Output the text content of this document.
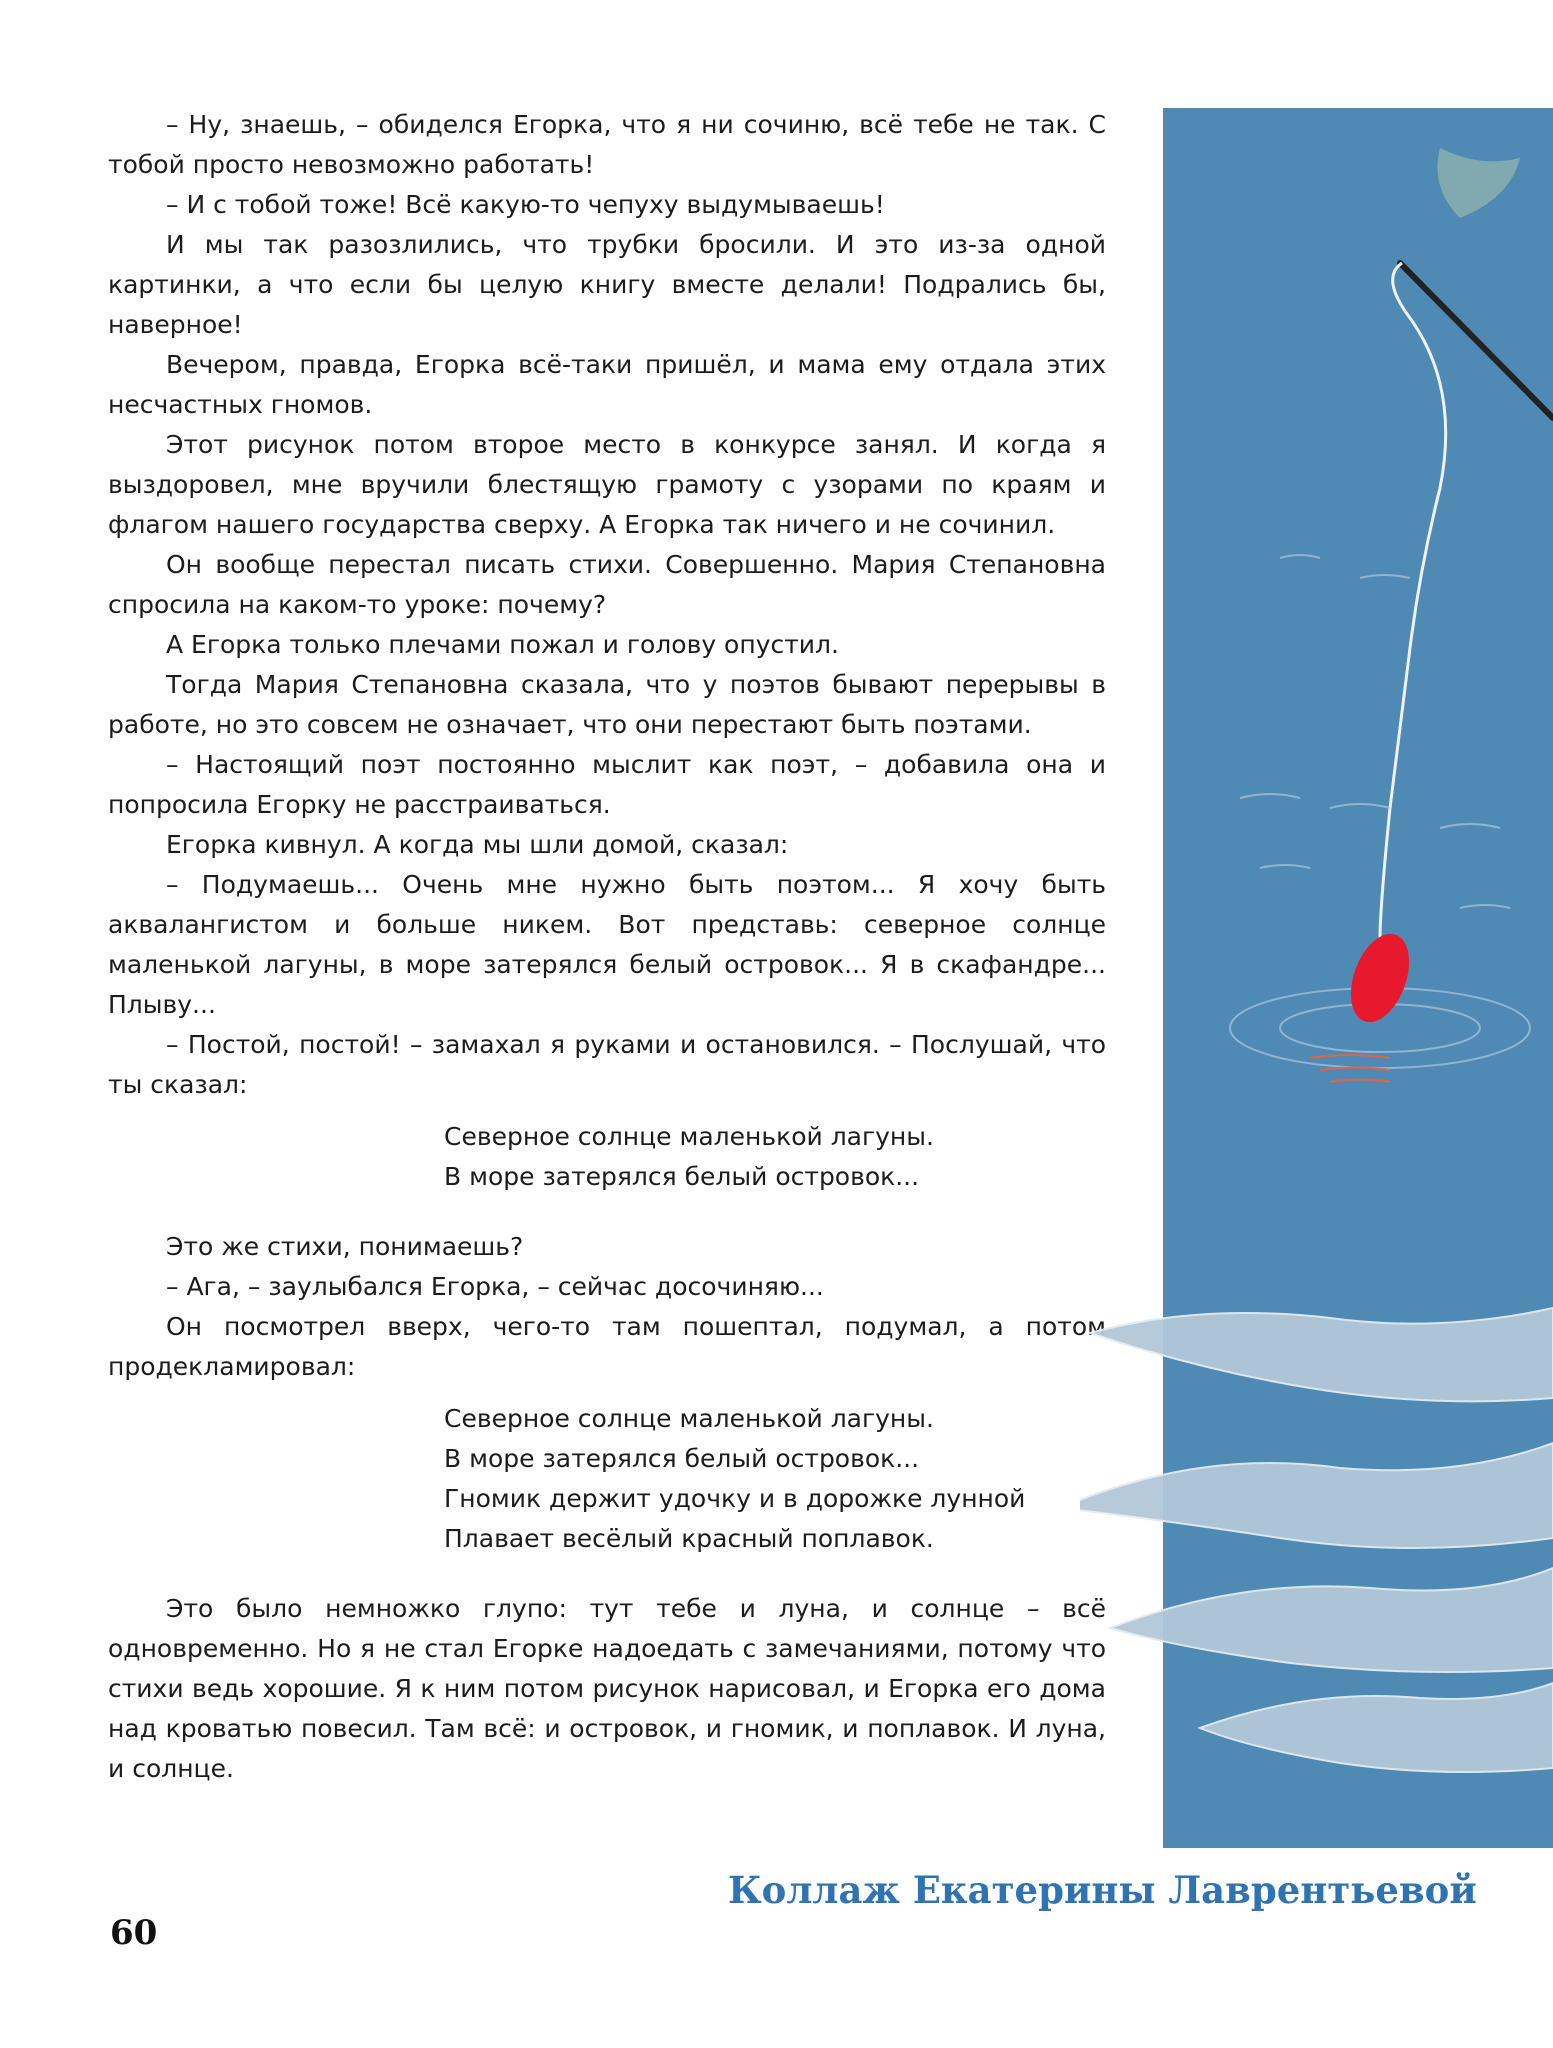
– Ну, знаешь, – обиделся Егорка, что я ни сочиню, всё тебе не так. С тобой просто невозможно работать!

– И с тобой тоже! Всё какую-то чепуху выдумываешь!

И мы так разозлились, что трубки бросили. И это из-за одной картинки, а что если бы целую книгу вместе делали! Подрались бы, наверное!

Вечером, правда, Егорка всё-таки пришёл, и мама ему отдала этих несчастных гномов.

Этот рисунок потом второе место в конкурсе занял. И когда я выздоровел, мне вручили блестящую грамоту с узорами по краям и флагом нашего государства сверху. А Егорка так ничего и не сочинил.

Он вообще перестал писать стихи. Совершенно. Мария Степановна спросила на каком-то уроке: почему?

А Егорка только плечами пожал и голову опустил.

Тогда Мария Степановна сказала, что у поэтов бывают перерывы в работе, но это совсем не означает, что они перестают быть поэтами.

– Настоящий поэт постоянно мыслит как поэт, – добавила она и попросила Егорку не расстраиваться.

Егорка кивнул. А когда мы шли домой, сказал:

– Подумаешь... Очень мне нужно быть поэтом... Я хочу быть аквалангистом и больше никем. Вот представь: северное солнце маленькой лагуны, в море затерялся белый островок... Я в скафандре... Плыву...

– Постой, постой! – замахал я руками и остановился. – Послушай, что ты сказал:

Северное солнце маленькой лагуны.
В море затерялся белый островок...

Это же стихи, понимаешь?

– Ага, – заулыбался Егорка, – сейчас досочиняю...

Он посмотрел вверх, чего-то там пошептал, подумал, а потом продекламировал:

Северное солнце маленькой лагуны.
В море затерялся белый островок...
Гномик держит удочку и в дорожке лунной
Плавает весёлый красный поплавок.

Это было немножко глупо: тут тебе и луна, и солнце – всё одновременно. Но я не стал Егорке надоедать с замечаниями, потому что стихи ведь хорошие. Я к ним потом рисунок нарисовал, и Егорка его дома над кроватью повесил. Там всё: и островок, и гномик, и поплавок. И луна, и солнце.

Коллаж Екатерины Лаврентьевой
60
